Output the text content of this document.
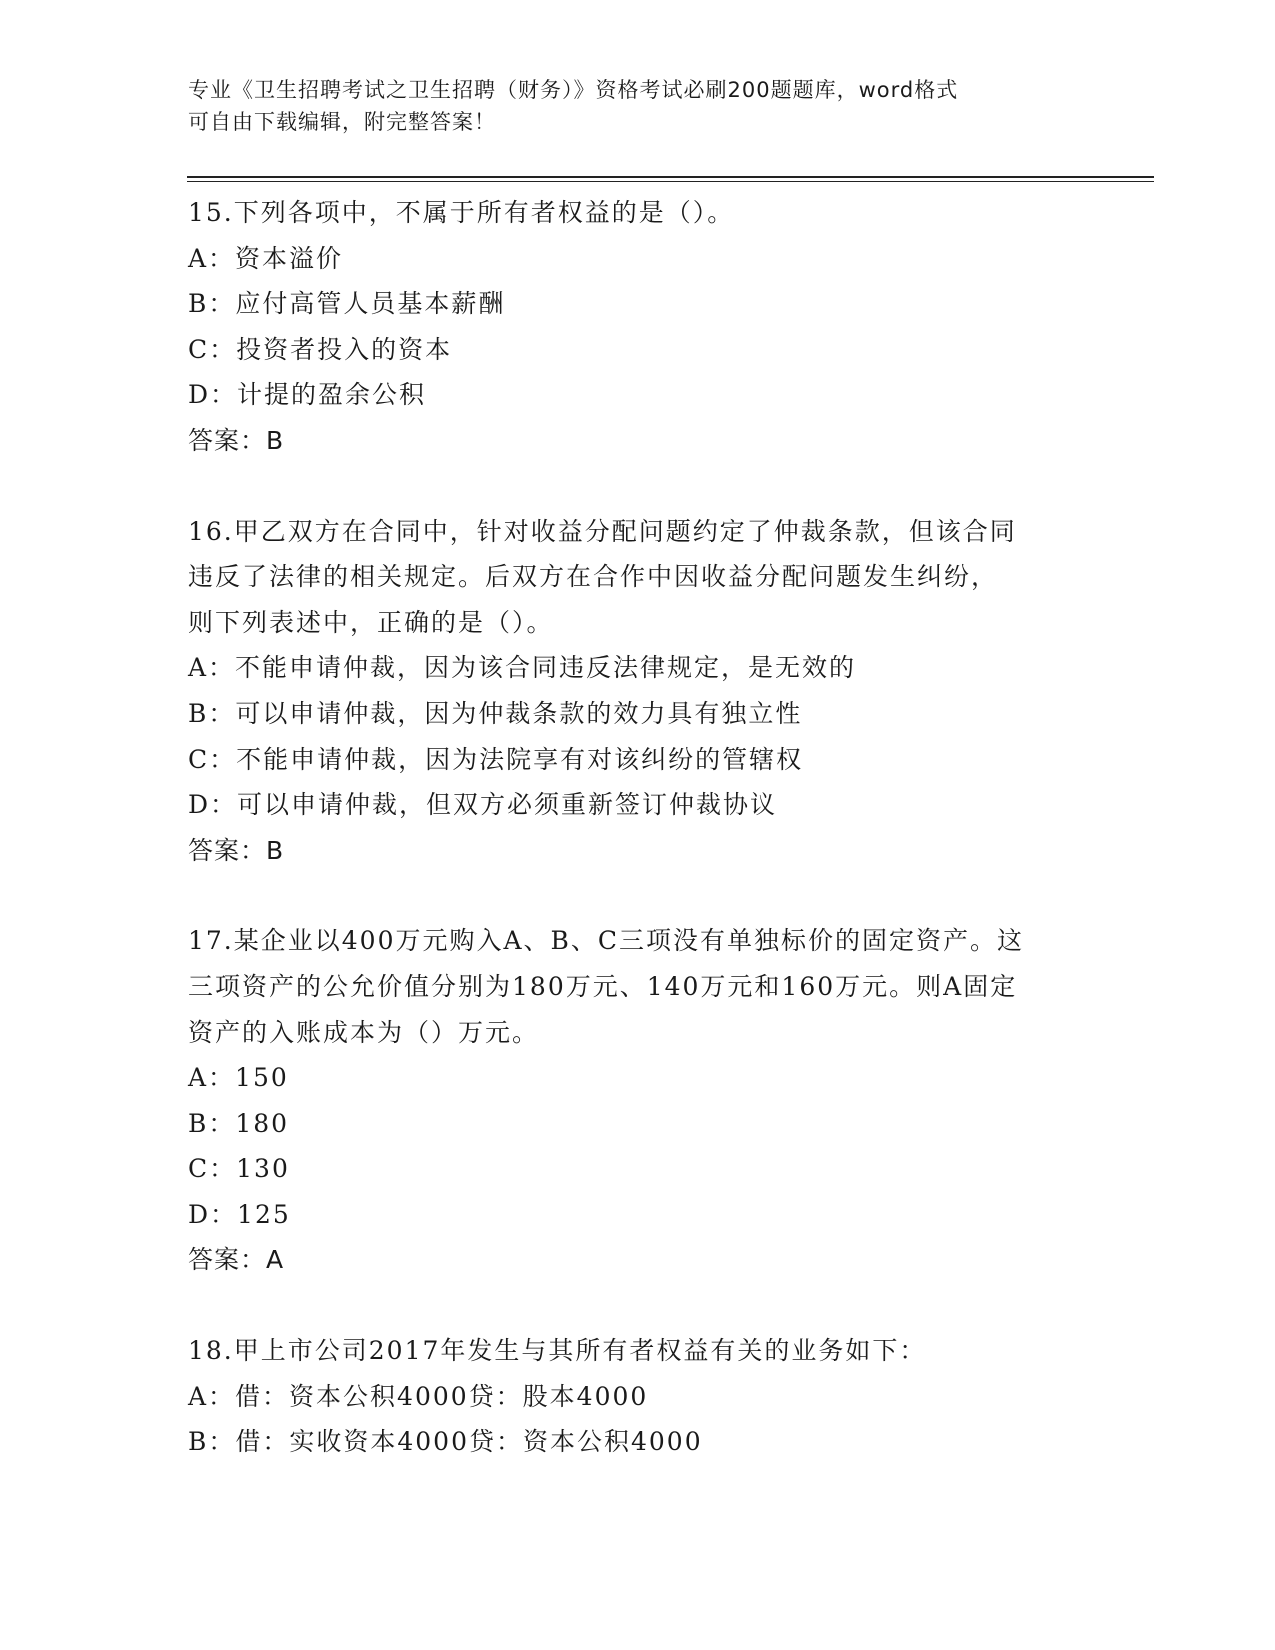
专业《卫生招聘考试之卫生招聘（财务）》资格考试必刷200题题库，word格式
可自由下载编辑，附完整答案！
15.下列各项中，不属于所有者权益的是（）。
A：资本溢价
B：应付高管人员基本薪酬
C：投资者投入的资本
D：计提的盈余公积
答案：B
16.甲乙双方在合同中，针对收益分配问题约定了仲裁条款，但该合同
违反了法律的相关规定。后双方在合作中因收益分配问题发生纠纷，
则下列表述中，正确的是（）。
A：不能申请仲裁，因为该合同违反法律规定，是无效的
B：可以申请仲裁，因为仲裁条款的效力具有独立性
C：不能申请仲裁，因为法院享有对该纠纷的管辖权
D：可以申请仲裁，但双方必须重新签订仲裁协议
答案：B
17.某企业以400万元购入A、B、C三项没有单独标价的固定资产。这
三项资产的公允价值分别为180万元、140万元和160万元。则A固定
资产的入账成本为（）万元。
A：150
B：180
C：130
D：125
答案：A
18.甲上市公司2017年发生与其所有者权益有关的业务如下：
A：借：资本公积4000贷：股本4000
B：借：实收资本4000贷：资本公积4000
